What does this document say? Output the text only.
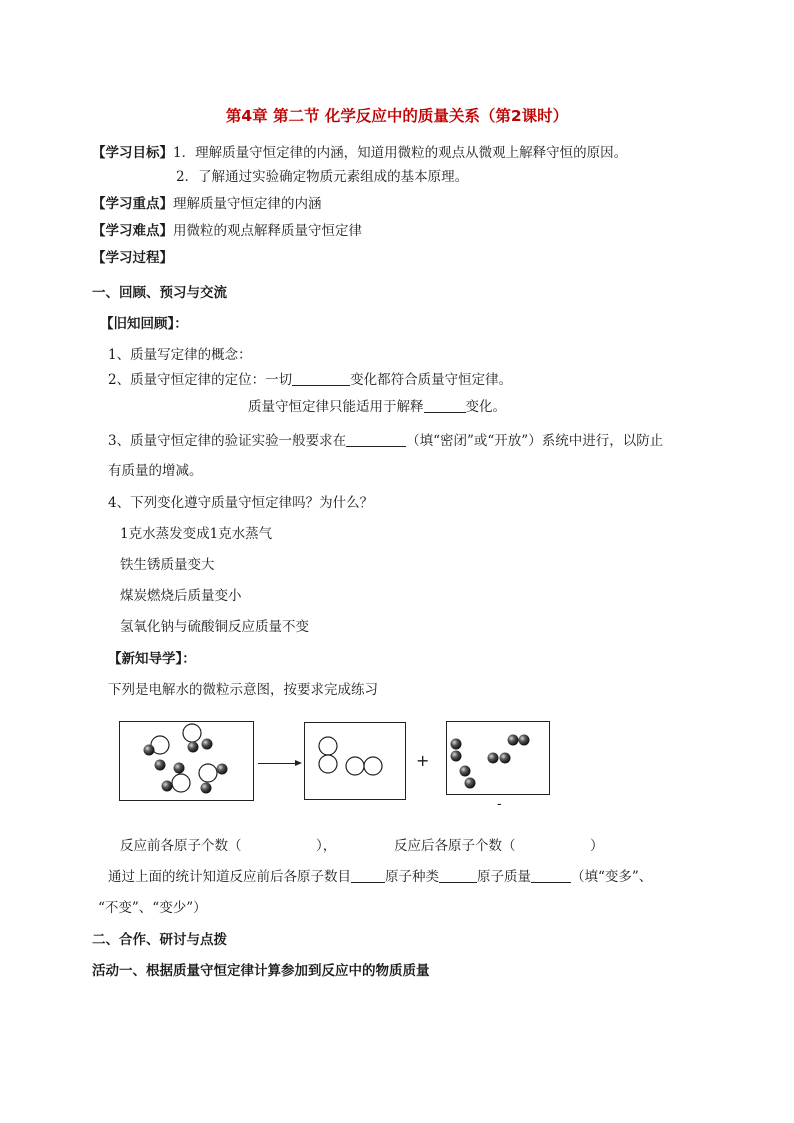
第4章 第二节 化学反应中的质量关系（第2课时）
【学习目标】1．理解质量守恒定律的内涵，知道用微粒的观点从微观上解释守恒的原因。
2．了解通过实验确定物质元素组成的基本原理。
【学习重点】理解质量守恒定律的内涵
【学习难点】用微粒的观点解释质量守恒定律
【学习过程】
一、回顾、预习与交流
【旧知回顾】：
1、质量写定律的概念：
2、质量守恒定律的定位：一切	变化都符合质量守恒定律。
质量守恒定律只能适用于解释	变化。
3、质量守恒定律的验证实验一般要求在	（填“密闭”或“开放”）系统中进行，以防止
有质量的增减。
4、下列变化遵守质量守恒定律吗？为什么？
1克水蒸发变成1克水蒸气
铁生锈质量变大
煤炭燃烧后质量变小
氢氧化钠与硫酸铜反应质量不变
【新知导学】：
下列是电解水的微粒示意图，按要求完成练习
+
-
反应前各原子个数（	），	反应后各原子个数（	）
通过上面的统计知道反应前后各原子数目	原子种类	原子质量	（填“变多”、
“不变”、“变少”）
二、合作、研讨与点拨
活动一、根据质量守恒定律计算参加到反应中的物质质量
